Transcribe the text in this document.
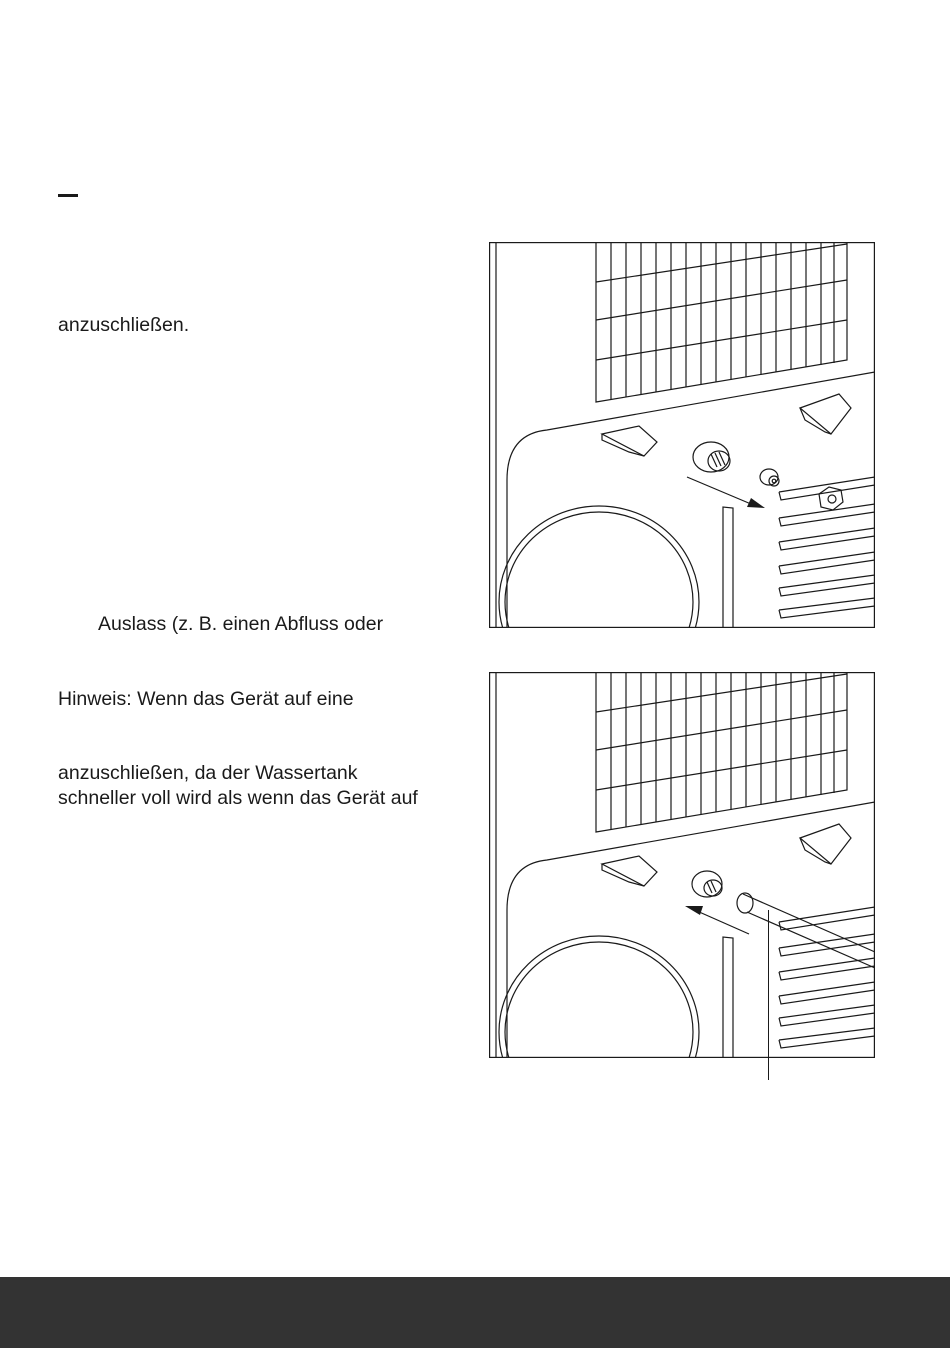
anzuschließen.
Auslass (z. B. einen Abfluss oder
Hinweis: Wenn das Gerät auf eine
anzuschließen, da der Wassertank
schneller voll wird als wenn das Gerät auf
